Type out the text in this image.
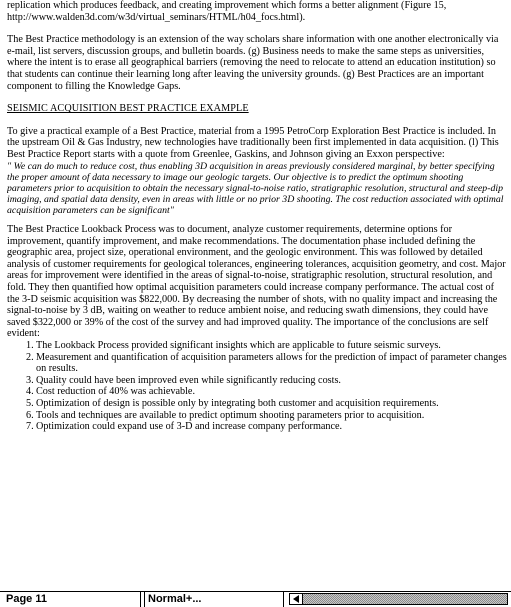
replication which produces feedback, and creating improvement which forms a better alignment (Figure 15, http://www.walden3d.com/w3d/virtual_seminars/HTML/h04_focs.html).

The Best Practice methodology is an extension of the way scholars share information with one another electronically via e-mail, list servers, discussion groups, and bulletin boards. (g) Business needs to make the same steps as universities, where the intent is to erase all geographical barriers (removing the need to relocate to attend an education institution) so that students can continue their learning long after leaving the university grounds. (g) Best Practices are an important component to filling the Knowledge Gaps.

SEISMIC ACQUISITION BEST PRACTICE EXAMPLE

To give a practical example of a Best Practice, material from a 1995 PetroCorp Exploration Best Practice is included. In the upstream Oil & Gas Industry, new technologies have traditionally been first implemented in data acquisition. (l) This Best Practice Report starts with a quote from Greenlee, Gaskins, and Johnson giving an Exxon perspective:

" We can do much to reduce cost, thus enabling 3D acquisition in areas previously considered marginal, by better specifying the proper amount of data necessary to image our geologic targets. Our objective is to predict the optimum shooting parameters prior to acquisition to obtain the necessary signal-to-noise ratio, stratigraphic resolution, structural and steep-dip imaging, and spatial data density, even in areas with little or no prior 3D shooting. The cost reduction associated with optimal acquisition parameters can be significant"

The Best Practice Lookback Process was to document, analyze customer requirements, determine options for improvement, quantify improvement, and make recommendations. The documentation phase included defining the geographic area, project size, operational environment, and the geologic environment. This was followed by detailed analysis of customer requirements for geological tolerances, engineering tolerances, acquisition geometry, and cost. Major areas for improvement were identified in the areas of signal-to-noise, stratigraphic resolution, structural resolution, and fold. They then quantified how optimal acquisition parameters could increase company performance. The actual cost of the 3-D seismic acquisition was $822,000. By decreasing the number of shots, with no quality impact and increasing the signal-to-noise by 3 dB, waiting on weather to reduce ambient noise, and reducing swath dimensions, they could have saved $322,000 or 39% of the cost of the survey and had improved quality. The importance of the conclusions are self evident:

1. The Lookback Process provided significant insights which are applicable to future seismic surveys.
2. Measurement and quantification of acquisition parameters allows for the prediction of impact of parameter changes on results.
3. Quality could have been improved even while significantly reducing costs.
4. Cost reduction of 40% was achievable.
5. Optimization of design is possible only by integrating both customer and acquisition requirements.
6. Tools and techniques are available to predict optimum shooting parameters prior to acquisition.
7. Optimization could expand use of 3-D and increase company performance.
Page 11	Normal+...
